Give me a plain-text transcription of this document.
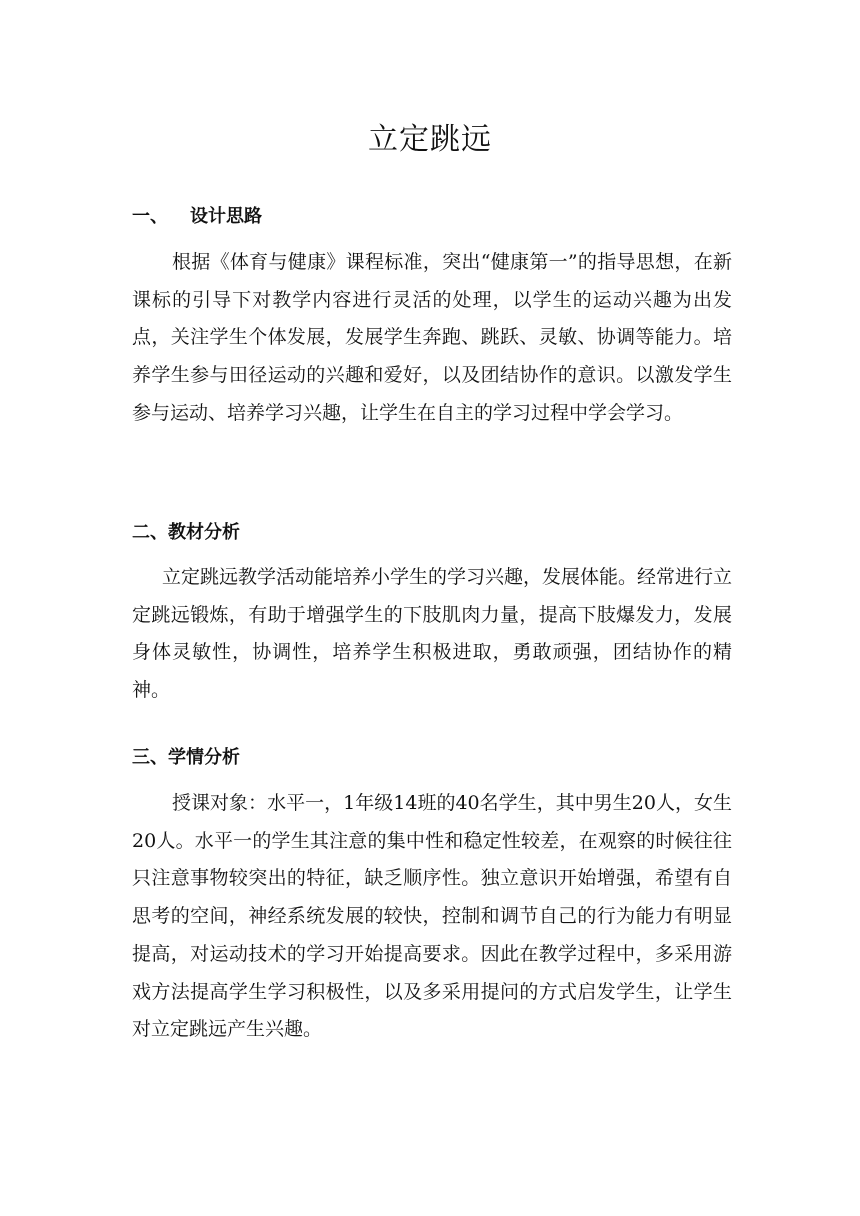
立定跳远
一、 设计思路

根据《体育与健康》课程标准，突出“健康第一”的指导思想，在新课标的引导下对教学内容进行灵活的处理，以学生的运动兴趣为出发点，关注学生个体发展，发展学生奔跑、跳跃、灵敏、协调等能力。培养学生参与田径运动的兴趣和爱好，以及团结协作的意识。以激发学生参与运动、培养学习兴趣，让学生在自主的学习过程中学会学习。

二、教材分析

立定跳远教学活动能培养小学生的学习兴趣，发展体能。经常进行立定跳远锻炼，有助于增强学生的下肢肌肉力量，提高下肢爆发力，发展身体灵敏性，协调性，培养学生积极进取，勇敢顽强，团结协作的精神。

三、学情分析

授课对象：水平一，1年级14班的40名学生，其中男生20人，女生20人。水平一的学生其注意的集中性和稳定性较差，在观察的时候往往只注意事物较突出的特征，缺乏顺序性。独立意识开始增强，希望有自思考的空间，神经系统发展的较快，控制和调节自己的行为能力有明显提高，对运动技术的学习开始提高要求。因此在教学过程中，多采用游戏方法提高学生学习积极性，以及多采用提问的方式启发学生，让学生对立定跳远产生兴趣。
